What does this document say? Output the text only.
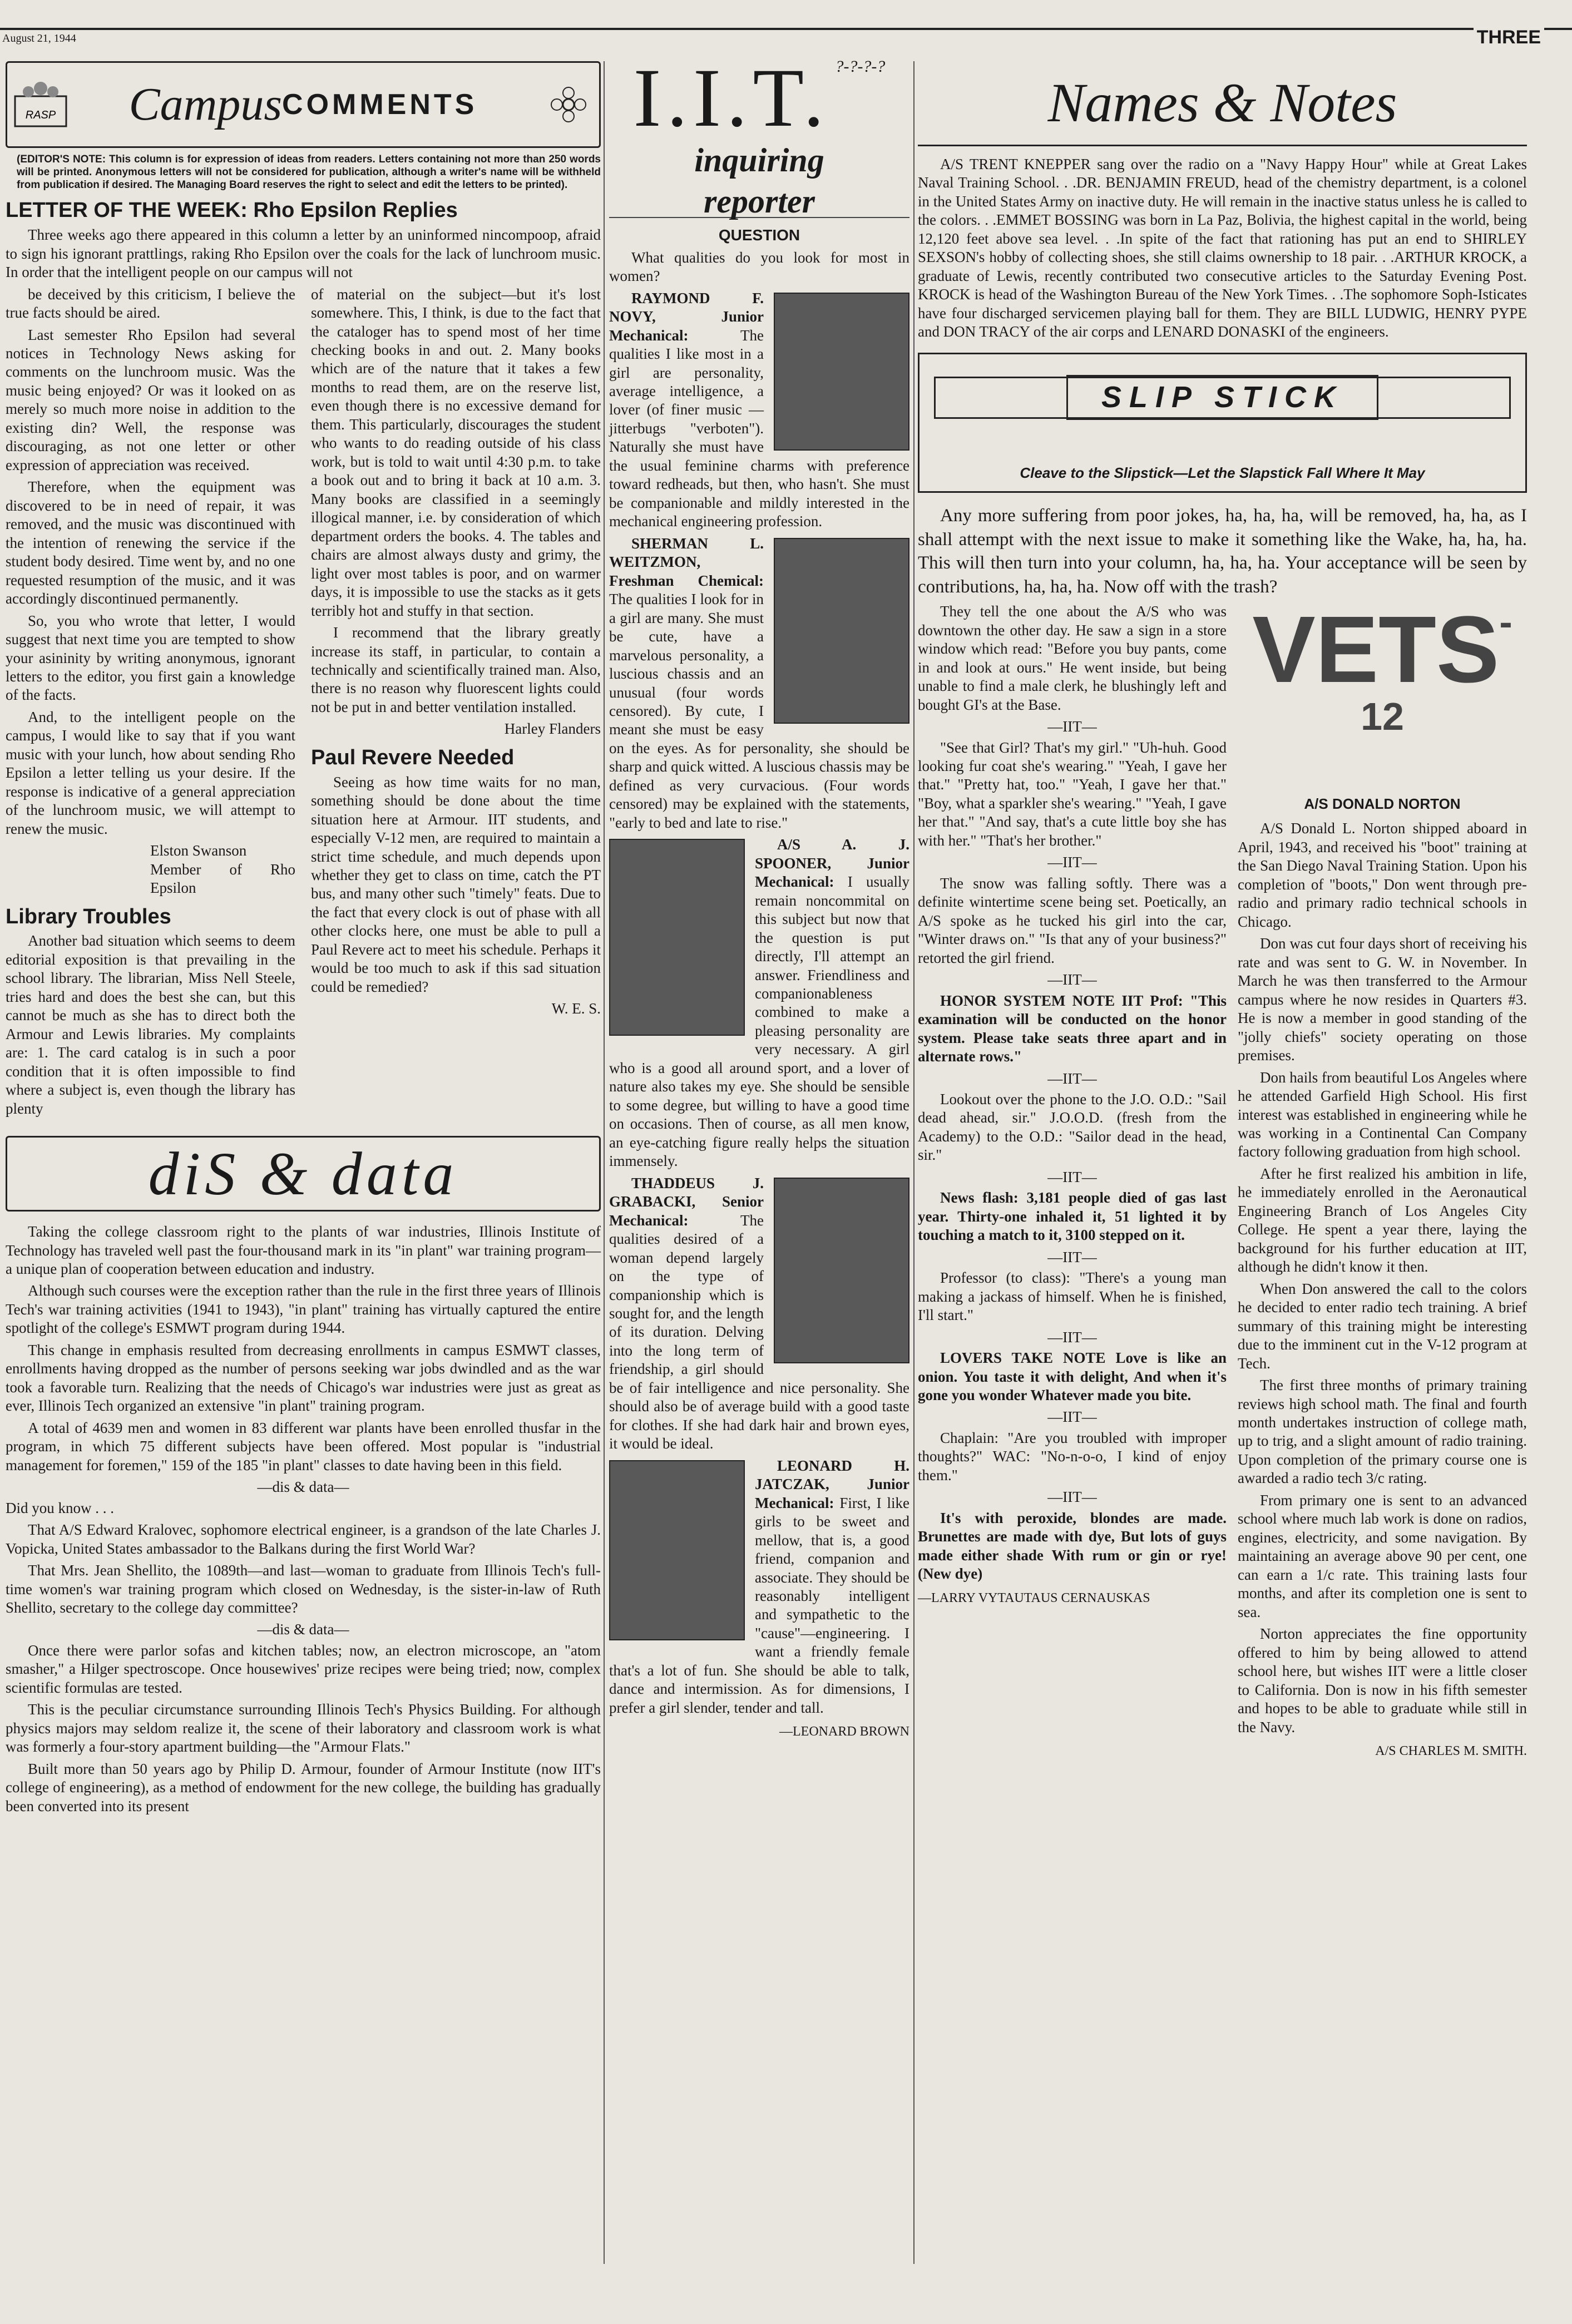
August 21, 1944	THREE
RASP Campus COMMENTS
(EDITOR'S NOTE: This column is for expression of ideas from readers. Letters containing not more than 250 words will be printed. Anonymous letters will not be considered for publication, although a writer's name will be withheld from publication if desired. The Managing Board reserves the right to select and edit the letters to be printed).
LETTER OF THE WEEK: Rho Epsilon Replies

Three weeks ago there appeared in this column a letter by an uninformed nincompoop, afraid to sign his ignorant prattlings, raking Rho Epsilon over the coals for the lack of lunchroom music. In order that the intelligent people on our campus will not

be deceived by this criticism, I believe the true facts should be aired.

Last semester Rho Epsilon had several notices in Technology News asking for comments on the lunchroom music. Was the music being enjoyed? Or was it looked on as merely so much more noise in addition to the existing din? Well, the response was discouraging, as not one letter or other expression of appreciation was received.

Therefore, when the equipment was discovered to be in need of repair, it was removed, and the music was discontinued with the intention of renewing the service if the student body desired. Time went by, and no one requested resumption of the music, and it was accordingly discontinued permanently.

So, you who wrote that letter, I would suggest that next time you are tempted to show your asininity by writing anonymous, ignorant letters to the editor, you first gain a knowledge of the facts.

And, to the intelligent people on the campus, I would like to say that if you want music with your lunch, how about sending Rho Epsilon a letter telling us your desire. If the response is indicative of a general appreciation of the lunchroom music, we will attempt to renew the music.

Elston Swanson
Member of Rho Epsilon
Library Troubles

Another bad situation which seems to deem editorial exposition is that prevailing in the school library. The librarian, Miss Nell Steele, tries hard and does the best she can, but this cannot be much as she has to direct both the Armour and Lewis libraries. My complaints are: 1. The card catalog is in such a poor condition that it is often impossible to find where a subject is, even though the library has plenty

of material on the subject—but it's lost somewhere. This, I think, is due to the fact that the cataloger has to spend most of her time checking books in and out. 2. Many books which are of the nature that it takes a few months to read them, are on the reserve list, even though there is no excessive demand for them. This particularly, discourages the student who wants to do reading outside of his class work, but is told to wait until 4:30 p.m. to take a book out and to bring it back at 10 a.m. 3. Many books are classified in a seemingly illogical manner, i.e. by consideration of which department orders the books. 4. The tables and chairs are almost always dusty and grimy, the light over most tables is poor, and on warmer days, it is impossible to use the stacks as it gets terribly hot and stuffy in that section.

I recommend that the library greatly increase its staff, in particular, to contain a technically and scientifically trained man. Also, there is no reason why fluorescent lights could not be put in and better ventilation installed.

Harley Flanders
Paul Revere Needed

Seeing as how time waits for no man, something should be done about the time situation here at Armour. IIT students, and especially V-12 men, are required to maintain a strict time schedule, and much depends upon whether they get to class on time, catch the PT bus, and many other such "timely" feats. Due to the fact that every clock is out of phase with all other clocks here, one must be able to pull a Paul Revere act to meet his schedule. Perhaps it would be too much to ask if this sad situation could be remedied?

W. E. S.
diS & data

Taking the college classroom right to the plants of war industries, Illinois Institute of Technology has traveled well past the four-thousand mark in its "in plant" war training program—a unique plan of cooperation between education and industry.

Although such courses were the exception rather than the rule in the first three years of Illinois Tech's war training activities (1941 to 1943), "in plant" training has virtually captured the entire spotlight of the college's ESMWT program during 1944.

This change in emphasis resulted from decreasing enrollments in campus ESMWT classes, enrollments having dropped as the number of persons seeking war jobs dwindled and as the war took a favorable turn. Realizing that the needs of Chicago's war industries were just as great as ever, Illinois Tech organized an extensive "in plant" training program.

A total of 4639 men and women in 83 different war plants have been enrolled thusfar in the program, in which 75 different subjects have been offered. Most popular is "industrial management for foremen," 159 of the 185 "in plant" classes to date having been in this field.

—dis & data—

Did you know . . .

That A/S Edward Kralovec, sophomore electrical engineer, is a grandson of the late Charles J. Vopicka, United States ambassador to the Balkans during the first World War?

That Mrs. Jean Shellito, the 1089th—and last—woman to graduate from Illinois Tech's full-time women's war training program which closed on Wednesday, is the sister-in-law of Ruth Shellito, secretary to the college day committee?

—dis & data—

Once there were parlor sofas and kitchen tables; now, an electron microscope, an "atom smasher," a Hilger spectroscope. Once housewives' prize recipes were being tried; now, complex scientific formulas are tested.

This is the peculiar circumstance surrounding Illinois Tech's Physics Building. For although physics majors may seldom realize it, the scene of their laboratory and classroom work is what was formerly a four-story apartment building—the "Armour Flats."

Built more than 50 years ago by Philip D. Armour, founder of Armour Institute (now IIT's college of engineering), as a method of endowment for the new college, the building has gradually been converted into its present

I.I.T. ?-?-?-?
inquiring
reporter
QUESTION

What qualities do you look for most in women?

RAYMOND F. NOVY, Junior Mechanical:	The qualities I like most in a girl are personality, average intelligence, a lover (of finer music — jitterbugs "verboten"). Naturally she must have the usual feminine charms with preference toward redheads, but then, who hasn't. She must be companionable and mildly interested in the mechanical engineering profession.

SHERMAN L. WEITZMON, Freshman Chemical: The qualities I look for in a girl are many. She must be cute, have a marvelous personality, a luscious chassis and an unusual (four words censored). By cute, I meant she must be easy on the eyes. As for personality, she should be sharp and quick witted. A luscious chassis may be defined as very curvacious. (Four words censored) may be explained with the statements, "early to bed and late to rise."

A/S A. J. SPOONER, Junior Mechanical: I usually remain noncommital on this subject but now that the question is put directly, I'll attempt an answer. Friendliness and companionableness combined to make a pleasing personality are very necessary. A girl who is a good all around sport, and a lover of nature also takes my eye. She should be sensible to some degree, but willing to have a good time on occasions. Then of course, as all men know, an eye-catching figure really helps the situation immensely.

THADDEUS J. GRABACKI, Senior Mechanical:	The qualities desired of a woman depend largely on the type of companionship which is sought for, and the length of its duration. Delving into the long term of friendship, a girl should be of fair intelligence and nice personality. She should also be of average build with a good taste for clothes. If she had dark hair and brown eyes, it would be ideal.

LEONARD H. JATCZAK, Junior Mechanical: First, I like girls to be sweet and mellow, that is, a good friend, companion and associate. They should be reasonably intelligent and sympathetic to the "cause"—engineering. I want a friendly female that's a lot of fun. She should be able to talk, dance and intermission. As for dimensions, I prefer a girl slender, tender and tall.

—LEONARD BROWN
Names & Notes

A/S TRENT KNEPPER sang over the radio on a "Navy Happy Hour" while at Great Lakes Naval Training School. . .DR. BENJAMIN FREUD, head of the chemistry department, is a colonel in the United States Army on inactive duty. He will remain in the inactive status unless he is called to the colors. . .EMMET BOSSING was born in La Paz, Bolivia, the highest capital in the world, being 12,120 feet above sea level. . .In spite of the fact that rationing has put an end to SHIRLEY SEXSON's hobby of collecting shoes, she still claims ownership to 18 pair. . .ARTHUR KROCK, a graduate of Lewis, recently contributed two consecutive articles to the Saturday Evening Post. KROCK is head of the Washington Bureau of the New York Times. . .The sophomore Soph-Isticates have four discharged servicemen playing ball for them. They are BILL LUDWIG, HENRY PYPE and DON TRACY of the air corps and LENARD DONASKI of the engineers.

SLIP STICK
Cleave to the Slipstick—Let the Slapstick Fall Where It May

Any more suffering from poor jokes, ha, ha, ha, will be removed, ha, ha, as I shall attempt with the next issue to make it something like the Wake, ha, ha, ha. This will then turn into your column, ha, ha, ha. Your acceptance will be seen by contributions, ha, ha, ha. Now off with the trash?

$VETS^{-12}$
A/S DONALD NORTON

A/S Donald L. Norton shipped aboard in April, 1943, and received his "boot" training at the San Diego Naval Training Station. Upon his completion of "boots," Don went through pre-radio and primary radio technical schools in Chicago.

Don was cut four days short of receiving his rate and was sent to G. W. in November. In March he was then transferred to the Armour campus where he now resides in Quarters #3. He is now a member in good standing of the "jolly chiefs" society operating on those premises.

Don hails from beautiful Los Angeles where he attended Garfield High School. His first interest was established in engineering while he was working in a Continental Can Company factory following graduation from high school.

After he first realized his ambition in life, he immediately enrolled in the Aeronautical Engineering Branch of Los Angeles City College. He spent a year there, laying the background for his further education at IIT, although he didn't know it then.

When Don answered the call to the colors he decided to enter radio tech training. A brief summary of this training might be interesting due to the imminent cut in the V-12 program at Tech.

The first three months of primary training reviews high school math. The final and fourth month undertakes instruction of college math, up to trig, and a slight amount of radio training. Upon completion of the primary course one is awarded a radio tech 3/c rating.

From primary one is sent to an advanced school where much lab work is done on radios, engines, electricity, and some navigation. By maintaining an average above 90 per cent, one can earn a 1/c rate. This training lasts four months, and after its completion one is sent to sea.

Norton appreciates the fine opportunity offered to him by being allowed to attend school here, but wishes IIT were a little closer to California. Don is now in his fifth semester and hopes to be able to graduate while still in the Navy.

A/S CHARLES M. SMITH.

They tell the one about the A/S who was downtown the other day. He saw a sign in a store window which read: "Before you buy pants, come in and look at ours." He went inside, but being unable to find a male clerk, he blushingly left and bought GI's at the Base.

—IIT—

"See that Girl? That's my girl." "Uh-huh. Good looking fur coat she's wearing." "Yeah, I gave her that." "Pretty hat, too." "Yeah, I gave her that." "Boy, what a sparkler she's wearing." "Yeah, I gave her that." "And say, that's a cute little boy she has with her." "That's her brother."

—IIT—

The snow was falling softly. There was a definite wintertime scene being set. Poetically, an A/S spoke as he tucked his girl into the car, "Winter draws on." "Is that any of your business?" retorted the girl friend.

—IIT—

HONOR SYSTEM NOTE IIT Prof: "This examination will be conducted on the honor system. Please take seats three apart and in alternate rows."

—IIT—

Lookout over the phone to the J.O. O.D.: "Sail dead ahead, sir." J.O.O.D. (fresh from the Academy) to the O.D.: "Sailor dead in the head, sir."

—IIT—

News flash: 3,181 people died of gas last year. Thirty-one inhaled it, 51 lighted it by touching a match to it, 3100 stepped on it.

—IIT—

Professor (to class): "There's a young man making a jackass of himself. When he is finished, I'll start."

—IIT—

LOVERS TAKE NOTE Love is like an onion. You taste it with delight, And when it's gone you wonder Whatever made you bite.

—IIT—

Chaplain: "Are you troubled with improper thoughts?" WAC: "No-n-o-o, I kind of enjoy them."

—IIT—

It's with peroxide, blondes are made. Brunettes are made with dye, But lots of guys made either shade With rum or gin or rye! (New dye)

—LARRY VYTAUTAUS CERNAUSKAS
